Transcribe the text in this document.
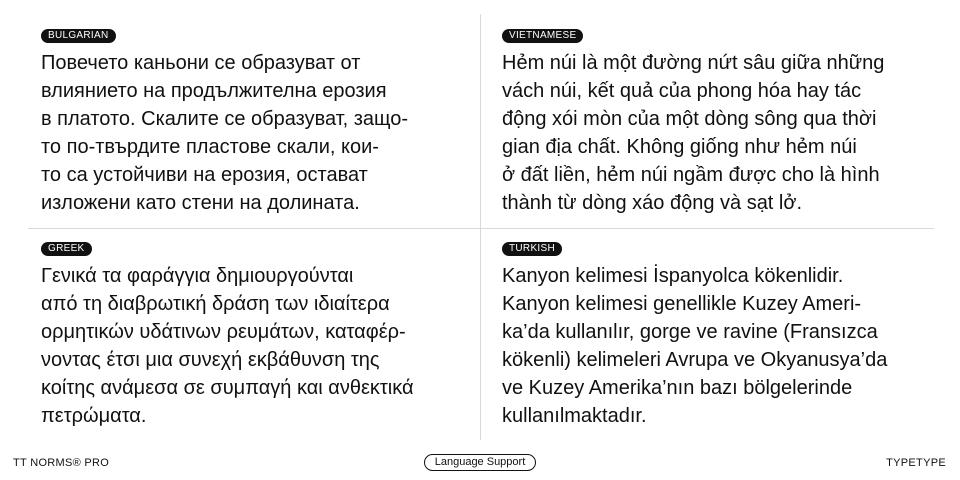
BULGARIAN
Повечето каньони се образуват от
влиянието на продължителна ерозия
в платото. Скалите се образуват, защо-
то по-твърдите пластове скали, кои-
то са устойчиви на ерозия, остават
изложени като стени на долината.
VIETNAMESE
Hẻm núi là một đường nứt sâu giữa những
vách núi, kết quả của phong hóa hay tác
động xói mòn của một dòng sông qua thời
gian địa chất. Không giống như hẻm núi
ở đất liền, hẻm núi ngầm được cho là hình
thành từ dòng xáo động và sạt lở.
GREEK
Γενικά τα φαράγγια δημιουργούνται
από τη διαβρωτική δράση των ιδιαίτερα
ορμητικών υδάτινων ρευμάτων, καταφέρ-
νοντας έτσι μια συνεχή εκβάθυνση της
κοίτης ανάμεσα σε συμπαγή και ανθεκτικά
πετρώματα.
TURKISH
Kanyon kelimesi İspanyolca kökenlidir.
Kanyon kelimesi genellikle Kuzey Ameri-
ka’da kullanılır, gorge ve ravine (Fransızca
kökenli) kelimeleri Avrupa ve Okyanusya’da
ve Kuzey Amerika’nın bazı bölgelerinde
kullanılmaktadır.
TT NORMS® PRO	Language Support	TYPETYPE
